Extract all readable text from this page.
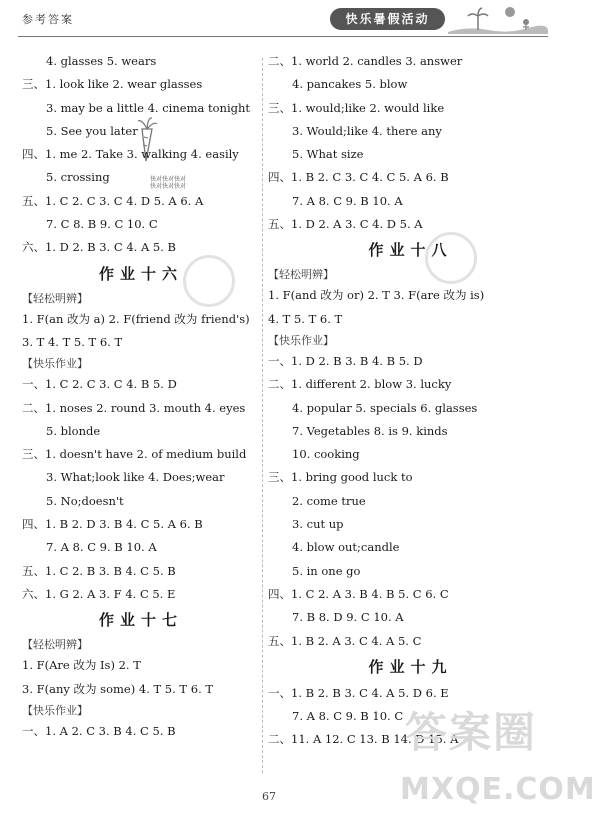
参考答案	快乐暑假活动
快对快对快对
快对快对快对
4. glasses 5. wears
三、1. look like 2. wear glasses
3. may be a little 4. cinema tonight
5. See you later
四、1. me 2. Take 3. walking 4. easily
5. crossing
五、1. C 2. C 3. C 4. D 5. A 6. A
7. C 8. B 9. C 10. C
六、1. D 2. B 3. C 4. A 5. B
作业十六
【轻松明辨】
1. F(an 改为 a) 2. F(friend 改为 friend's)
3. T 4. T 5. T 6. T
【快乐作业】
一、1. C 2. C 3. C 4. B 5. D
二、1. noses 2. round 3. mouth 4. eyes
5. blonde
三、1. doesn't have 2. of medium build
3. What;look like 4. Does;wear
5. No;doesn't
四、1. B 2. D 3. B 4. C 5. A 6. B
7. A 8. C 9. B 10. A
五、1. C 2. B 3. B 4. C 5. B
六、1. G 2. A 3. F 4. C 5. E
作业十七
【轻松明辨】
1. F(Are 改为 Is) 2. T
3. F(any 改为 some) 4. T 5. T 6. T
【快乐作业】
一、1. A 2. C 3. B 4. C 5. B
二、1. world 2. candles 3. answer
4. pancakes 5. blow
三、1. would;like 2. would like
3. Would;like 4. there any
5. What size
四、1. B 2. C 3. C 4. C 5. A 6. B
7. A 8. C 9. B 10. A
五、1. D 2. A 3. C 4. D 5. A
作业十八
【轻松明辨】
1. F(and 改为 or) 2. T 3. F(are 改为 is)
4. T 5. T 6. T
【快乐作业】
一、1. D 2. B 3. B 4. B 5. D
二、1. different 2. blow 3. lucky
4. popular 5. specials 6. glasses
7. Vegetables 8. is 9. kinds
10. cooking
三、1. bring good luck to
2. come true
3. cut up
4. blow out;candle
5. in one go
四、1. C 2. A 3. B 4. B 5. C 6. C
7. B 8. D 9. C 10. A
五、1. B 2. A 3. C 4. A 5. C
作业十九
一、1. B 2. B 3. C 4. A 5. D 6. E
7. A 8. C 9. B 10. C
二、11. A 12. C 13. B 14. D 15. A
答案圈
MXQE.COM
67
